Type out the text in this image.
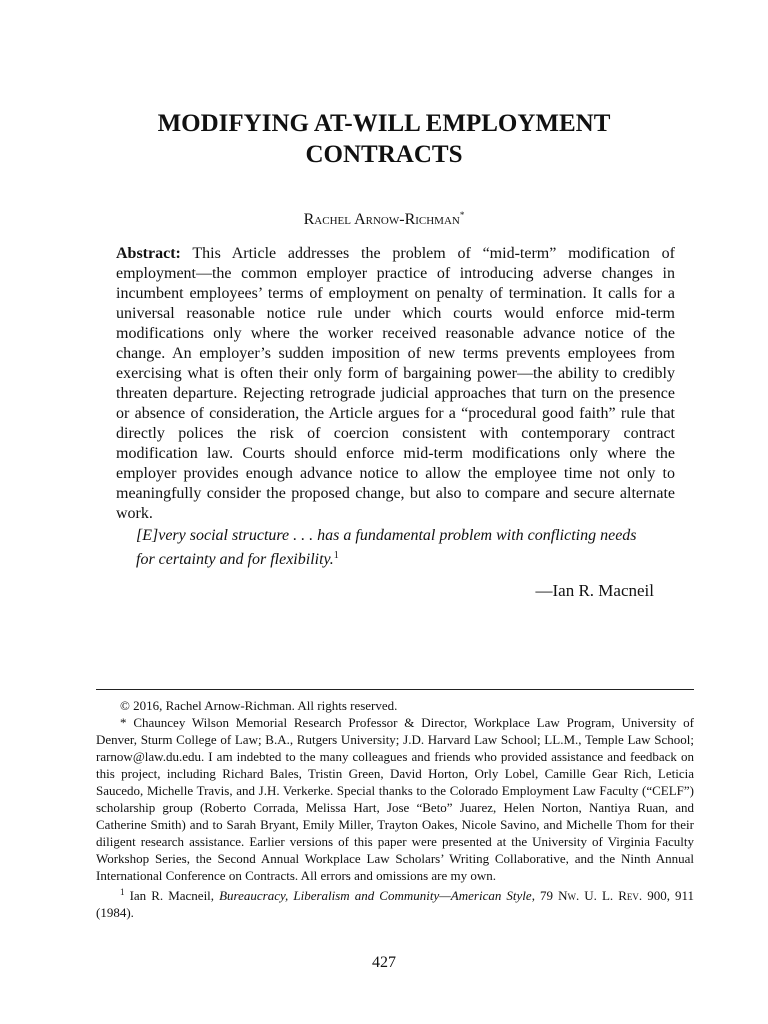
MODIFYING AT-WILL EMPLOYMENT
CONTRACTS
Rachel Arnow-Richman*

Abstract: This Article addresses the problem of “mid-term” modification of employment—the common employer practice of introducing adverse changes in incumbent employees’ terms of employment on penalty of termination. It calls for a universal reasonable notice rule under which courts would enforce mid-term modifications only where the worker received reasonable advance notice of the change. An employer’s sudden imposition of new terms prevents employees from exercising what is often their only form of bargaining power—the ability to credibly threaten departure. Rejecting retrograde judicial approaches that turn on the presence or absence of consideration, the Article argues for a “procedural good faith” rule that directly polices the risk of coercion consistent with contemporary contract modification law. Courts should enforce mid-term modifications only where the employer provides enough advance notice to allow the employee time not only to meaningfully consider the proposed change, but also to compare and secure alternate work.

[E]very social structure . . . has a fundamental problem with conflicting needs for certainty and for flexibility.$^1$

—Ian R. Macneil

© 2016, Rachel Arnow-Richman. All rights reserved.

* Chauncey Wilson Memorial Research Professor & Director, Workplace Law Program, University of Denver, Sturm College of Law; B.A., Rutgers University; J.D. Harvard Law School; LL.M., Temple Law School; rarnow@law.du.edu. I am indebted to the many colleagues and friends who provided assistance and feedback on this project, including Richard Bales, Tristin Green, David Horton, Orly Lobel, Camille Gear Rich, Leticia Saucedo, Michelle Travis, and J.H. Verkerke. Special thanks to the Colorado Employment Law Faculty (“CELF”) scholarship group (Roberto Corrada, Melissa Hart, Jose “Beto” Juarez, Helen Norton, Nantiya Ruan, and Catherine Smith) and to Sarah Bryant, Emily Miller, Trayton Oakes, Nicole Savino, and Michelle Thom for their diligent research assistance. Earlier versions of this paper were presented at the University of Virginia Faculty Workshop Series, the Second Annual Workplace Law Scholars’ Writing Collaborative, and the Ninth Annual International Conference on Contracts. All errors and omissions are my own.

$^1$ Ian R. Macneil, Bureaucracy, Liberalism and Community—American Style, 79 Nw. U. L. Rev. 900, 911 (1984).

427
